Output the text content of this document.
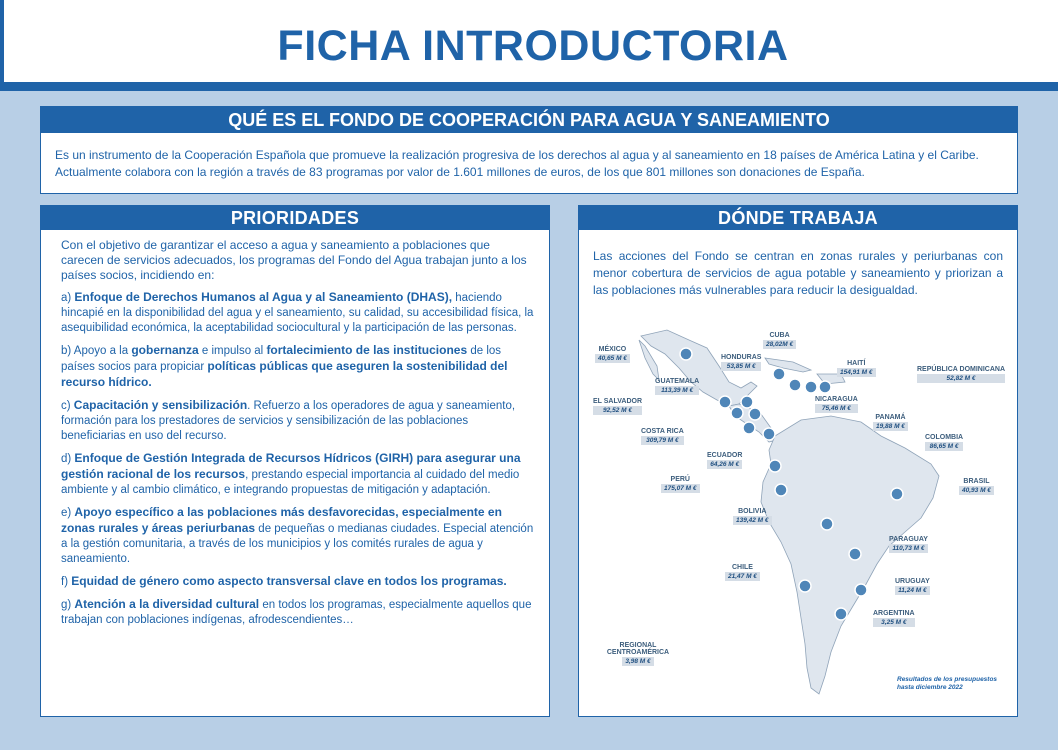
FICHA INTRODUCTORIA
QUÉ ES EL FONDO DE COOPERACIÓN PARA AGUA Y SANEAMIENTO

Es un instrumento de la Cooperación Española que promueve la realización progresiva de los derechos al agua y al saneamiento en 18 países de América Latina y el Caribe. Actualmente colabora con la región a través de 83 programas por valor de 1.601 millones de euros, de los que 801 millones son donaciones de España.

PRIORIDADES
Con el objetivo de garantizar el acceso a agua y saneamiento a poblaciones que carecen de servicios adecuados, los programas del Fondo del Agua trabajan junto a los países socios, incidiendo en:
a) Enfoque de Derechos Humanos al Agua y al Saneamiento (DHAS), haciendo hincapié en la disponibilidad del agua y el saneamiento, su calidad, su accesibilidad física, la asequibilidad económica, la aceptabilidad sociocultural y la participación de las personas.
b) Apoyo a la gobernanza e impulso al fortalecimiento de las instituciones de los países socios para propiciar políticas públicas que aseguren la sostenibilidad del recurso hídrico.
c) Capacitación y sensibilización. Refuerzo a los operadores de agua y saneamiento, formación para los prestadores de servicios y sensibilización de las poblaciones beneficiarias en uso del recurso.
d) Enfoque de Gestión Integrada de Recursos Hídricos (GIRH) para asegurar una gestión racional de los recursos, prestando especial importancia al cuidado del medio ambiente y al cambio climático, e integrando propuestas de mitigación y adaptación.
e) Apoyo específico a las poblaciones más desfavorecidas, especialmente en zonas rurales y áreas periurbanas de pequeñas o medianas ciudades. Especial atención a la gestión comunitaria, a través de los municipios y los comités rurales de agua y saneamiento.
f) Equidad de género como aspecto transversal clave en todos los programas.
g) Atención a la diversidad cultural en todos los programas, especialmente aquellos que trabajan con poblaciones indígenas, afrodescendientes…
DÓNDE TRABAJA

Las acciones del Fondo se centran en zonas rurales y periurbanas con menor cobertura de servicios de agua potable y saneamiento y priorizan a las poblaciones más vulnerables para reducir la desigualdad.

MÉXICO
40,65 M €
CUBA
28,02M €
HONDURAS
53,85 M €	HAITÍ
154,91 M €	REPÚBLICA DOMINICANA
52,82 M €
GUATEMALA
113,39 M €
EL SALVADOR
92,52 M €
NICARAGUA
75,46 M €
PANAMÁ
19,88 M €
COSTA RICA
309,79 M €	COLOMBIA
86,65 M €
ECUADOR
64,26 M €
PERÚ
175,07 M €
BRASIL
40,93 M €
BOLIVIA
139,42 M €
PARAGUAY
110,73 M €
CHILE
21,47 M €
URUGUAY
11,24 M €
ARGENTINA
3,25 M €
REGIONAL CENTROAMÉRICA3,98 M €
Resultados de los presupuestos hasta diciembre 2022
